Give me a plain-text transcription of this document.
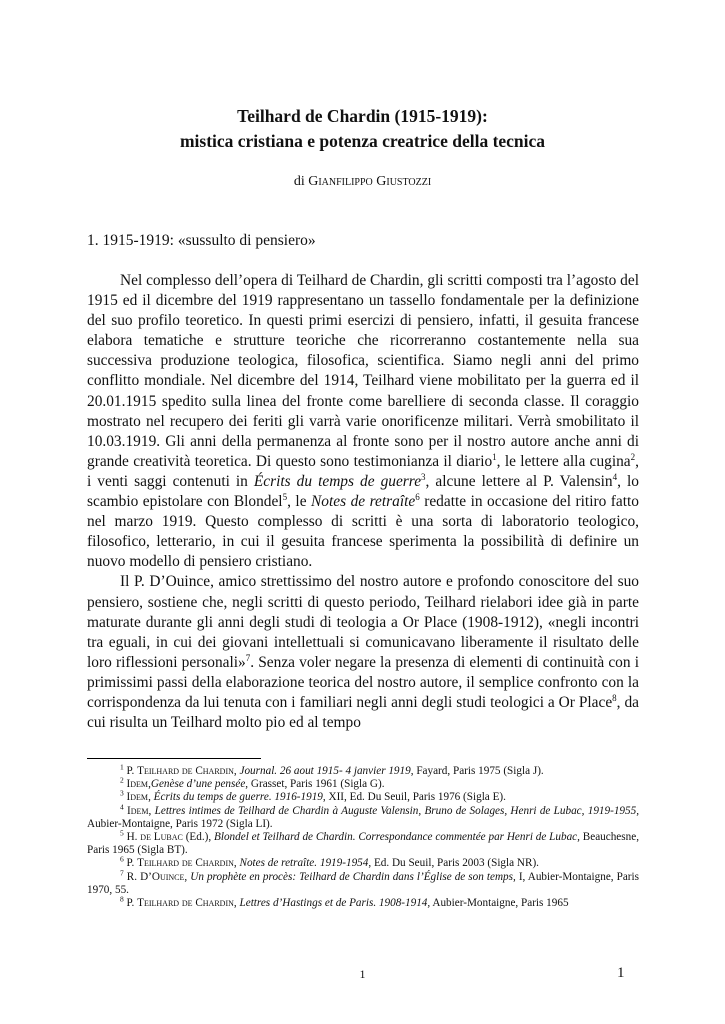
Teilhard de Chardin (1915-1919):
mistica cristiana e potenza creatrice della tecnica
di Gianfilippo Giustozzi
1. 1915-1919: «sussulto di pensiero»

Nel complesso dell’opera di Teilhard de Chardin, gli scritti composti tra l’agosto del 1915 ed il dicembre del 1919 rappresentano un tassello fondamentale per la definizione del suo profilo teoretico. In questi primi esercizi di pensiero, infatti, il gesuita francese elabora tematiche e strutture teoriche che ricorreranno costantemente nella sua successiva produzione teologica, filosofica, scientifica. Siamo negli anni del primo conflitto mondiale. Nel dicembre del 1914, Teilhard viene mobilitato per la guerra ed il 20.01.1915 spedito sulla linea del fronte come barelliere di seconda classe. Il coraggio mostrato nel recupero dei feriti gli varrà varie onorificenze militari. Verrà smobilitato il 10.03.1919. Gli anni della permanenza al fronte sono per il nostro autore anche anni di grande creatività teoretica. Di questo sono testimonianza il diario$^1$, le lettere alla cugina$^2$, i venti saggi contenuti in Écrits du temps de guerre$^3$, alcune lettere al P. Valensin$^4$, lo scambio epistolare con Blondel$^5$, le Notes de retraîte$^6$ redatte in occasione del ritiro fatto nel marzo 1919. Questo complesso di scritti è una sorta di laboratorio teologico, filosofico, letterario, in cui il gesuita francese sperimenta la possibilità di definire un nuovo modello di pensiero cristiano.

Il P. D’Ouince, amico strettissimo del nostro autore e profondo conoscitore del suo pensiero, sostiene che, negli scritti di questo periodo, Teilhard rielabori idee già in parte maturate durante gli anni degli studi di teologia a Or Place (1908-1912), «negli incontri tra eguali, in cui dei giovani intellettuali si comunicavano liberamente il risultato delle loro riflessioni personali»$^7$. Senza voler negare la presenza di elementi di continuità con i primissimi passi della elaborazione teorica del nostro autore, il semplice confronto con la corrispondenza da lui tenuta con i familiari negli anni degli studi teologici a Or Place$^8$, da cui risulta un Teilhard molto pio ed al tempo

$^1$ P. Teilhard de Chardin, Journal. 26 aout 1915- 4 janvier 1919, Fayard, Paris 1975 (Sigla J).

$^2$ Idem,Genèse d’une pensée, Grasset, Paris 1961 (Sigla G).

$^3$ Idem, Écrits du temps de guerre. 1916-1919, XII, Ed. Du Seuil, Paris 1976 (Sigla E).

$^4$ Idem, Lettres intimes de Teilhard de Chardin à Auguste Valensin, Bruno de Solages, Henri de Lubac, 1919-1955, Aubier-Montaigne, Paris 1972 (Sigla LI).

$^5$ H. de Lubac (Ed.), Blondel et Teilhard de Chardin. Correspondance commentée par Henri de Lubac, Beauchesne, Paris 1965 (Sigla BT).

$^6$ P. Teilhard de Chardin, Notes de retraîte. 1919-1954, Ed. Du Seuil, Paris 2003 (Sigla NR).

$^7$ R. D’Ouince, Un prophète en procès: Teilhard de Chardin dans l’Église de son temps, I, Aubier-Montaigne, Paris 1970, 55.

$^8$ P. Teilhard de Chardin, Lettres d’Hastings et de Paris. 1908-1914, Aubier-Montaigne, Paris 1965

1	1
